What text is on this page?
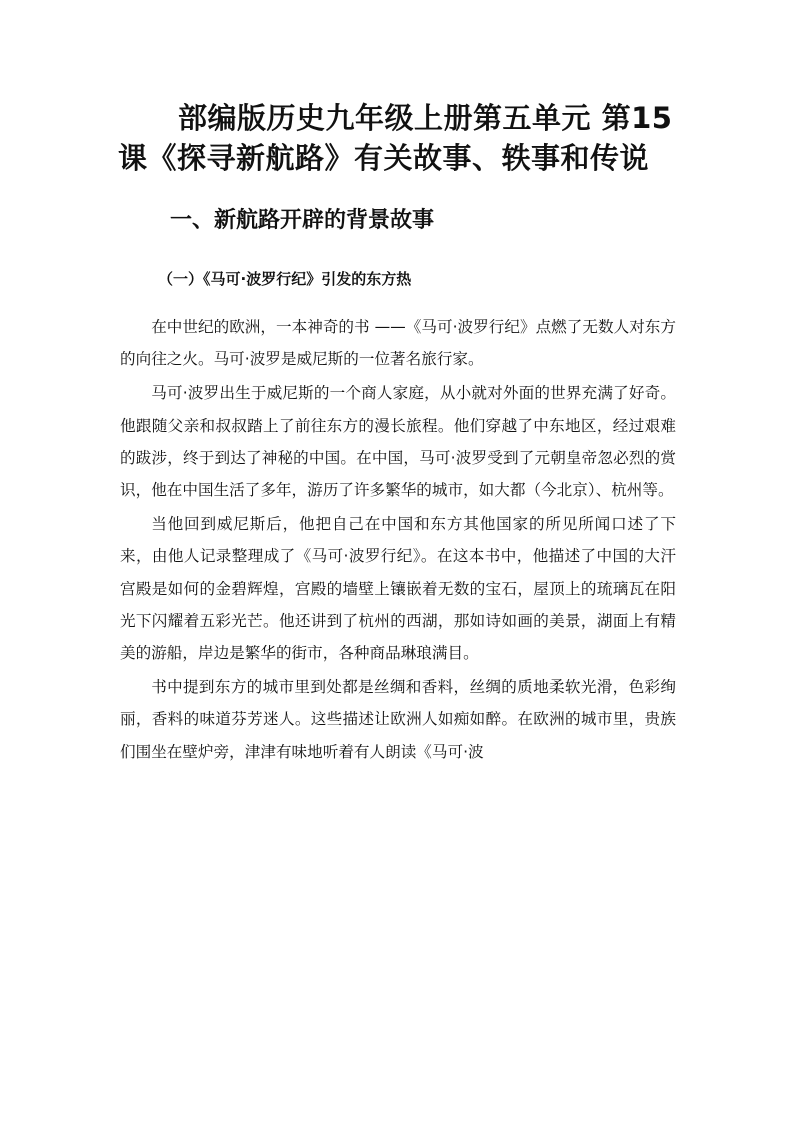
部编版历史九年级上册第五单元 第15
课《探寻新航路》有关故事、轶事和传说
一、新航路开辟的背景故事
（一）《马可·波罗行纪》引发的东方热

在中世纪的欧洲，一本神奇的书 ——《马可·波罗行纪》点燃了无数人对东方的向往之火。马可·波罗是威尼斯的一位著名旅行家。

马可·波罗出生于威尼斯的一个商人家庭，从小就对外面的世界充满了好奇。他跟随父亲和叔叔踏上了前往东方的漫长旅程。他们穿越了中东地区，经过艰难的跋涉，终于到达了神秘的中国。在中国，马可·波罗受到了元朝皇帝忽必烈的赏识，他在中国生活了多年，游历了许多繁华的城市，如大都（今北京）、杭州等。

当他回到威尼斯后，他把自己在中国和东方其他国家的所见所闻口述了下来，由他人记录整理成了《马可·波罗行纪》。在这本书中，他描述了中国的大汗宫殿是如何的金碧辉煌，宫殿的墙壁上镶嵌着无数的宝石，屋顶上的琉璃瓦在阳光下闪耀着五彩光芒。他还讲到了杭州的西湖，那如诗如画的美景，湖面上有精美的游船，岸边是繁华的街市，各种商品琳琅满目。

书中提到东方的城市里到处都是丝绸和香料，丝绸的质地柔软光滑，色彩绚丽，香料的味道芬芳迷人。这些描述让欧洲人如痴如醉。在欧洲的城市里，贵族们围坐在壁炉旁，津津有味地听着有人朗读《马可·波
